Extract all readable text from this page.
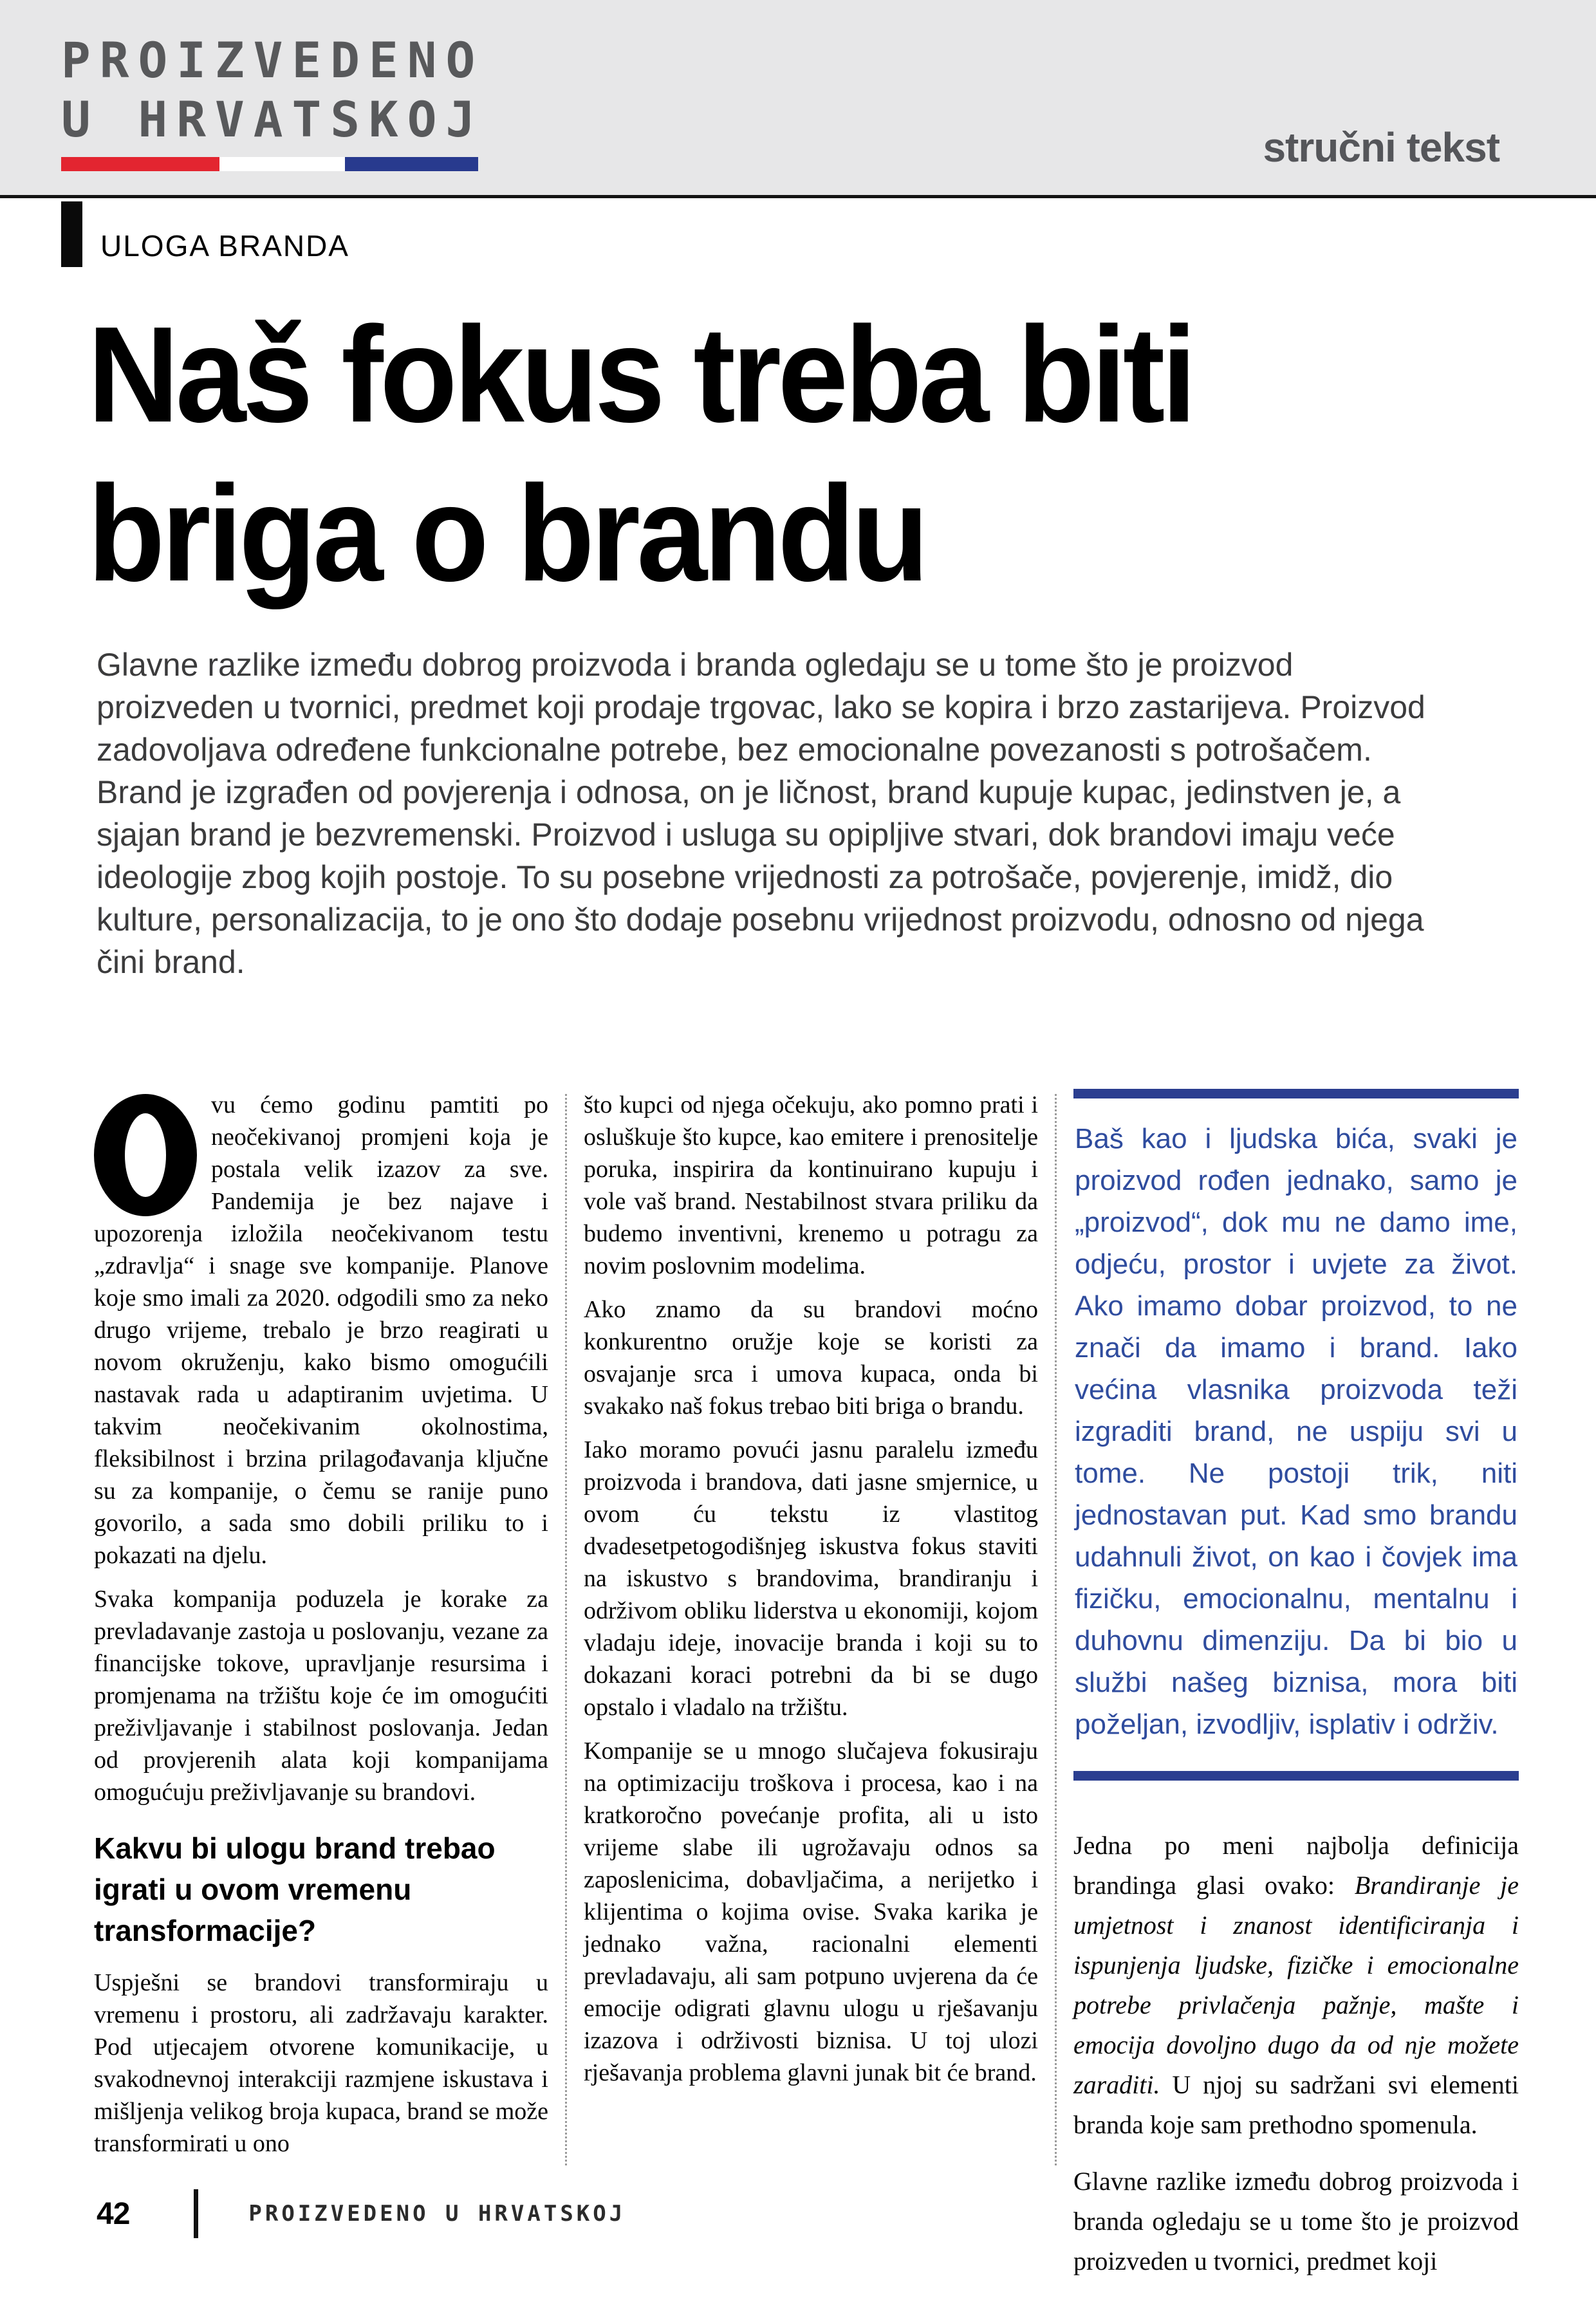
PROIZVEDENO
U HRVATSKOJ	stručni tekst
ULOGA BRANDA
Naš fokus treba biti
briga o brandu
Glavne razlike između dobrog proizvoda i branda ogledaju se u tome što je proizvod proizveden u tvornici, predmet koji prodaje trgovac, lako se kopira i brzo zastarijeva. Proizvod zadovoljava određene funkcionalne potrebe, bez emocionalne povezanosti s potrošačem. Brand je izgrađen od povjerenja i odnosa, on je ličnost, brand kupuje kupac, jedinstven je, a sjajan brand je bezvremenski. Proizvod i usluga su opipljive stvari, dok brandovi imaju veće ideologije zbog kojih postoje. To su posebne vrijednosti za potrošače, povjerenje, imidž, dio kulture, personalizacija, to je ono što dodaje posebnu vrijednost proizvodu, odnosno od njega čini brand.
vu ćemo godinu pamtiti po neočekivanoj promjeni koja je postala velik izazov za sve. Pandemija je bez najave i upozorenja izložila neočekivanom testu „zdravlja“ i snage sve kompanije. Planove koje smo imali za 2020. odgodili smo za neko drugo vrijeme, trebalo je brzo reagirati u novom okruženju, kako bismo omogućili nastavak rada u adaptiranim uvjetima. U takvim neočekivanim okolnostima, fleksibilnost i brzina prilagođavanja ključne su za kompanije, o čemu se ranije puno govorilo, a sada smo dobili priliku to i pokazati na djelu.
Svaka kompanija poduzela je korake za prevladavanje zastoja u poslovanju, vezane za financijske tokove, upravljanje resursima i promjenama na tržištu koje će im omogućiti preživljavanje i stabilnost poslovanja. Jedan od provjerenih alata koji kompanijama omogućuju preživljavanje su brandovi.
Kakvu bi ulogu brand trebao igrati u ovom vremenu transformacije?
Uspješni se brandovi transformiraju u vremenu i prostoru, ali zadržavaju karakter. Pod utjecajem otvorene komunikacije, u svakodnevnoj interakciji razmjene iskustava i mišljenja velikog broja kupaca, brand se može transformirati u ono
što kupci od njega očekuju, ako pomno prati i osluškuje što kupce, kao emitere i prenositelje poruka, inspirira da kontinuirano kupuju i vole vaš brand. Nestabilnost stvara priliku da budemo inventivni, krenemo u potragu za novim poslovnim modelima.
Ako znamo da su brandovi moćno konkurentno oružje koje se koristi za osvajanje srca i umova kupaca, onda bi svakako naš fokus trebao biti briga o brandu.
Iako moramo povući jasnu paralelu između proizvoda i brandova, dati jasne smjernice, u ovom ću tekstu iz vlastitog dvadesetpetogodišnjeg iskustva fokus staviti na iskustvo s brandovima, brandiranju i održivom obliku liderstva u ekonomiji, kojom vladaju ideje, inovacije branda i koji su to dokazani koraci potrebni da bi se dugo opstalo i vladalo na tržištu.
Kompanije se u mnogo slučajeva fokusiraju na optimizaciju troškova i procesa, kao i na kratkoročno povećanje profita, ali u isto vrijeme slabe ili ugrožavaju odnos sa zaposlenicima, dobavljačima, a nerijetko i klijentima o kojima ovise. Svaka karika je jednako važna, racionalni elementi prevladavaju, ali sam potpuno uvjerena da će emocije odigrati glavnu ulogu u rješavanju izazova i održivosti biznisa. U toj ulozi rješavanja problema glavni junak bit će brand.
Baš kao i ljudska bića, svaki je proizvod rođen jednako, samo je „proizvod“, dok mu ne damo ime, odjeću, prostor i uvjete za život. Ako imamo dobar proizvod, to ne znači da imamo i brand. Iako većina vlasnika proizvoda teži izgraditi brand, ne uspiju svi u tome. Ne postoji trik, niti jednostavan put. Kad smo brandu udahnuli život, on kao i čovjek ima fizičku, emocionalnu, mentalnu i duhovnu dimenziju. Da bi bio u službi našeg biznisa, mora biti poželjan, izvodljiv, isplativ i održiv.
Jedna po meni najbolja definicija brandinga glasi ovako: Brandiranje je umjetnost i znanost identificiranja i ispunjenja ljudske, fizičke i emocionalne potrebe privlačenja pažnje, mašte i emocija dovoljno dugo da od nje možete zaraditi. U njoj su sadržani svi elementi branda koje sam prethodno spomenula.
Glavne razlike između dobrog proizvoda i branda ogledaju se u tome što je proizvod proizveden u tvornici, predmet koji
42	PROIZVEDENO U HRVATSKOJ
